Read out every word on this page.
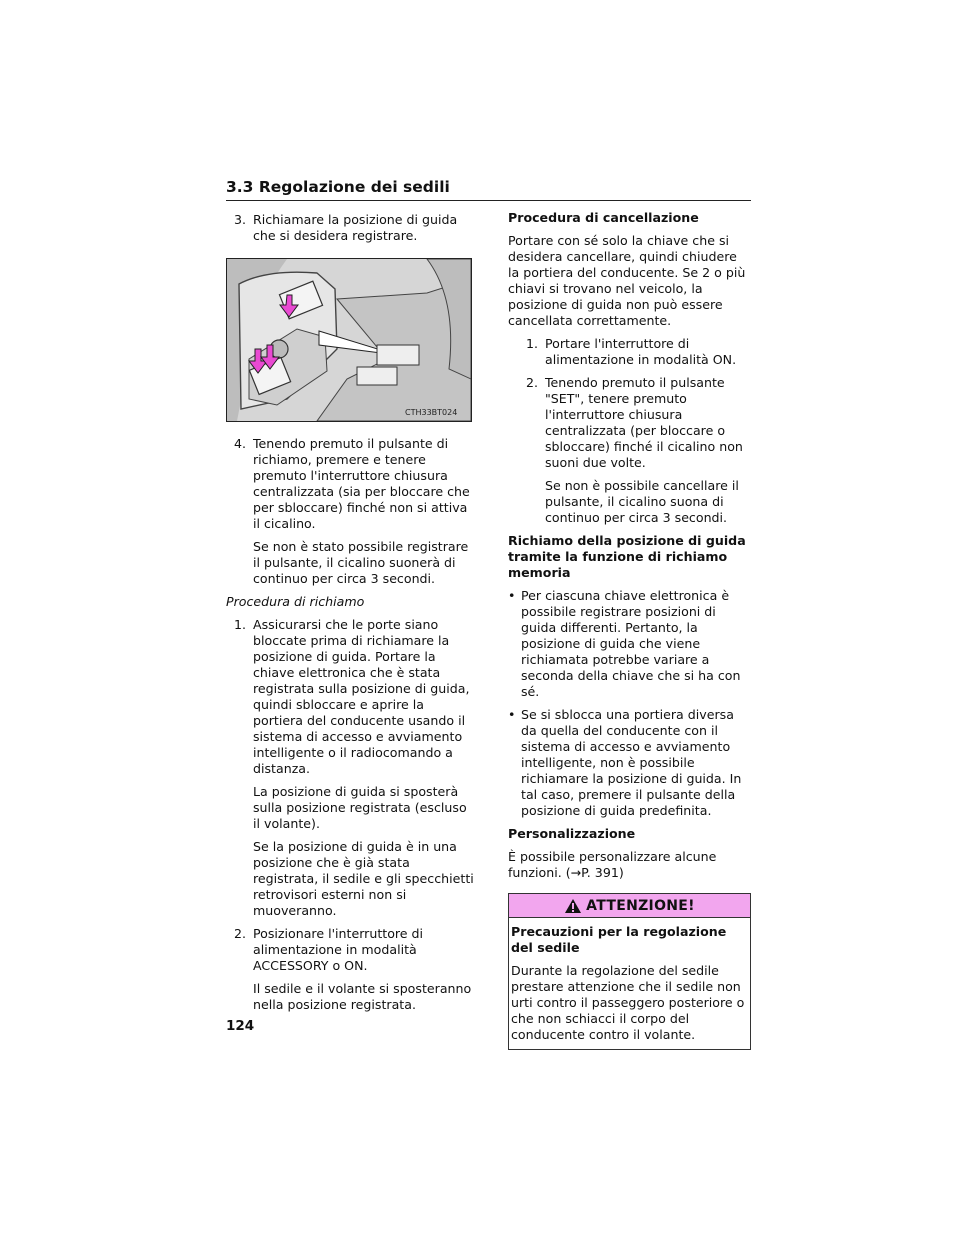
3.3 Regolazione dei sedili

3. Richiamare la posizione di guida che si desidera registrare.

CTH33BT024

4. Tenendo premuto il pulsante di richiamo, premere e tenere premuto l'interruttore chiusura centralizzata (sia per bloccare che per sbloccare) finché non si attiva il cicalino.

Se non è stato possibile registrare il pulsante, il cicalino suonerà di continuo per circa 3 secondi.

Procedura di richiamo

1. Assicurarsi che le porte siano bloccate prima di richiamare la posizione di guida. Portare la chiave elettronica che è stata registrata sulla posizione di guida, quindi sbloccare e aprire la portiera del conducente usando il sistema di accesso e avviamento intelligente o il radiocomando a distanza.

La posizione di guida si sposterà sulla posizione registrata (escluso il volante).

Se la posizione di guida è in una posizione che è già stata registrata, il sedile e gli specchietti retrovisori esterni non si muoveranno.

2. Posizionare l'interruttore di alimentazione in modalità ACCESSORY o ON.

Il sedile e il volante si sposteranno nella posizione registrata.

Procedura di cancellazione

Portare con sé solo la chiave che si desidera cancellare, quindi chiudere la portiera del conducente. Se 2 o più chiavi si trovano nel veicolo, la posizione di guida non può essere cancellata correttamente.

1. Portare l'interruttore di alimentazione in modalità ON.

2. Tenendo premuto il pulsante "SET", tenere premuto l'interruttore chiusura centralizzata (per bloccare o sbloccare) finché il cicalino non suoni due volte.

Se non è possibile cancellare il pulsante, il cicalino suona di continuo per circa 3 secondi.

Richiamo della posizione di guida tramite la funzione di richiamo memoria

• Per ciascuna chiave elettronica è possibile registrare posizioni di guida differenti. Pertanto, la posizione di guida che viene richiamata potrebbe variare a seconda della chiave che si ha con sé.

• Se si sblocca una portiera diversa da quella del conducente con il sistema di accesso e avviamento intelligente, non è possibile richiamare la posizione di guida. In tal caso, premere il pulsante della posizione di guida predefinita.

Personalizzazione

È possibile personalizzare alcune funzioni. (→P. 391)

ATTENZIONE!

Precauzioni per la regolazione del sedile

Durante la regolazione del sedile prestare attenzione che il sedile non urti contro il passeggero posteriore o che non schiacci il corpo del conducente contro il volante.

124
